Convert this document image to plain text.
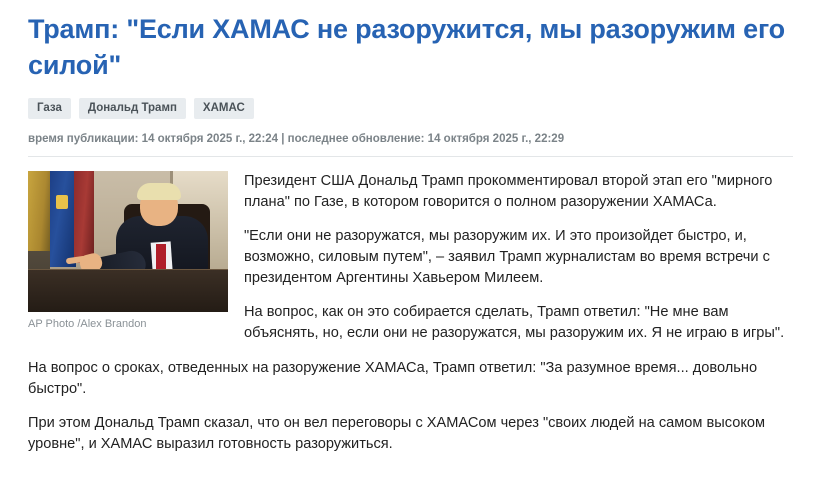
Трамп: "Если ХАМАС не разоружится, мы разоружим его силой"
Газа	Дональд Трамп	ХАМАС
время публикации: 14 октября 2025 г., 22:24 | последнее обновление: 14 октября 2025 г., 22:29
AP Photo /Alex Brandon

Президент США Дональд Трамп прокомментировал второй этап его "мирного плана" по Газе, в котором говорится о полном разоружении ХАМАСа.

"Если они не разоружатся, мы разоружим их. И это произойдет быстро, и, возможно, силовым путем", – заявил Трамп журналистам во время встречи с президентом Аргентины Хавьером Милеем.

На вопрос, как он это собирается сделать, Трамп ответил: "Не мне вам объяснять, но, если они не разоружатся, мы разоружим их. Я не играю в игры".

На вопрос о сроках, отведенных на разоружение ХАМАСа, Трамп ответил: "За разумное время... довольно быстро".

При этом Дональд Трамп сказал, что он вел переговоры с ХАМАСом через "своих людей на самом высоком уровне", и ХАМАС выразил готовность разоружиться.
